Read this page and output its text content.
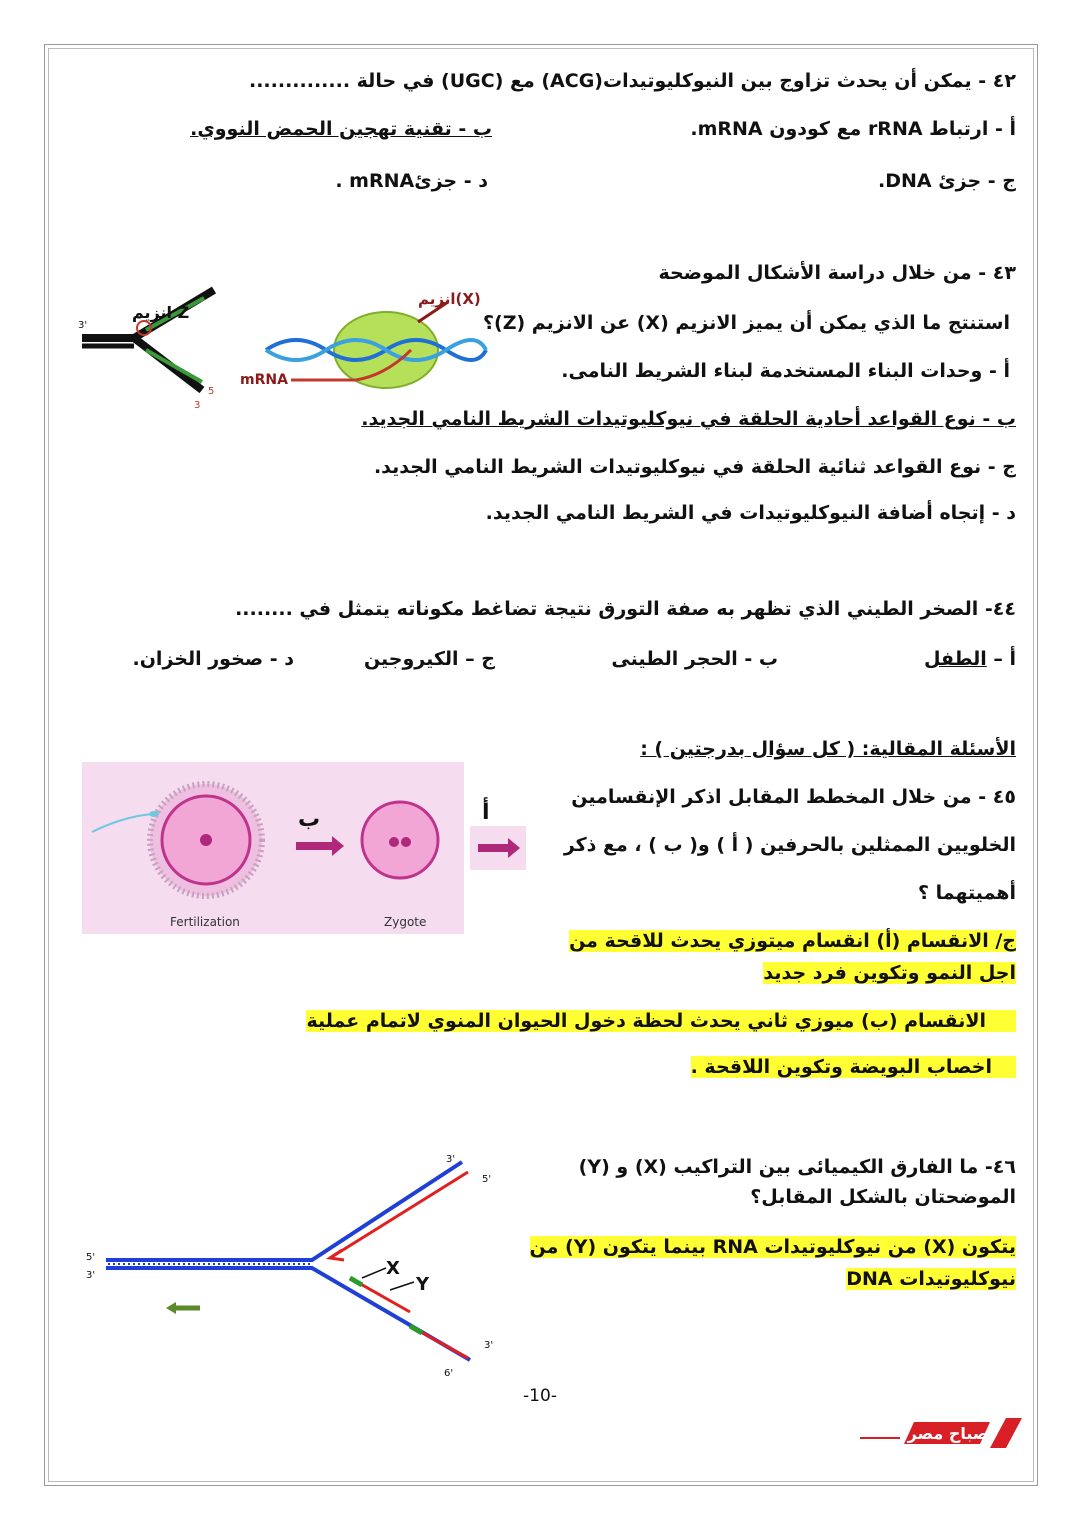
٤٢ - يمكن أن يحدث تزاوج بين النيوكليوتيدات(ACG) مع (UGC) في حالة ..............
أ - ارتباط rRNA مع كودون mRNA.
ب - تقنية تهجين الحمض النووي.
ج - جزئ DNA.
د - جزئmRNA .
٤٣ - من خلال دراسة الأشكال الموضحة
استنتج ما الذي يمكن أن يميز الانزيم (X) عن الانزيم (Z)؟
أ - وحدات البناء المستخدمة لبناء الشريط النامى.
ب - نوع القواعد أحادية الحلقة في نيوكليوتيدات الشريط النامي الجديد.
ج - نوع القواعد ثنائية الحلقة في نيوكليوتيدات الشريط النامي الجديد.
د - إتجاه أضافة النيوكليوتيدات في الشريط النامي الجديد.
انزيم Z
3'
3
5
انزيم(X)
mRNA
٤٤- الصخر الطيني الذي تظهر به صفة التورق نتيجة تضاغط مكوناته يتمثل في ........
أ – الطفل
ب - الحجر الطينى
ج – الكيروجين
د - صخور الخزان.
الأسئلة المقالية: ( كل سؤال بدرجتين ) :
٤٥ - من خلال المخطط المقابل اذكر الإنقسامين
الخلويين الممثلين بالحرفين ( أ ) و( ب ) ، مع ذكر
أهميتهما ؟
ج/ الانقسام (أ) انقسام ميتوزي يحدث للاقحة من
اجل النمو وتكوين فرد جديد
الانقسام (ب) ميوزي ثاني يحدث لحظة دخول الحيوان المنوي لاتمام عملية
اخصاب البويضة وتكوين اللاقحة .
ب
Fertilization	Zygote
أ
٤٦- ما الفارق الكيميائى بين التراكيب (X) و (Y)
الموضحتان بالشكل المقابل؟
يتكون (X) من نيوكليوتيدات RNA بينما يتكون (Y) من
نيوكليوتيدات DNA
X
Y
5'
3'
5'
3'
3'
6'
-10-
صباح مصر
